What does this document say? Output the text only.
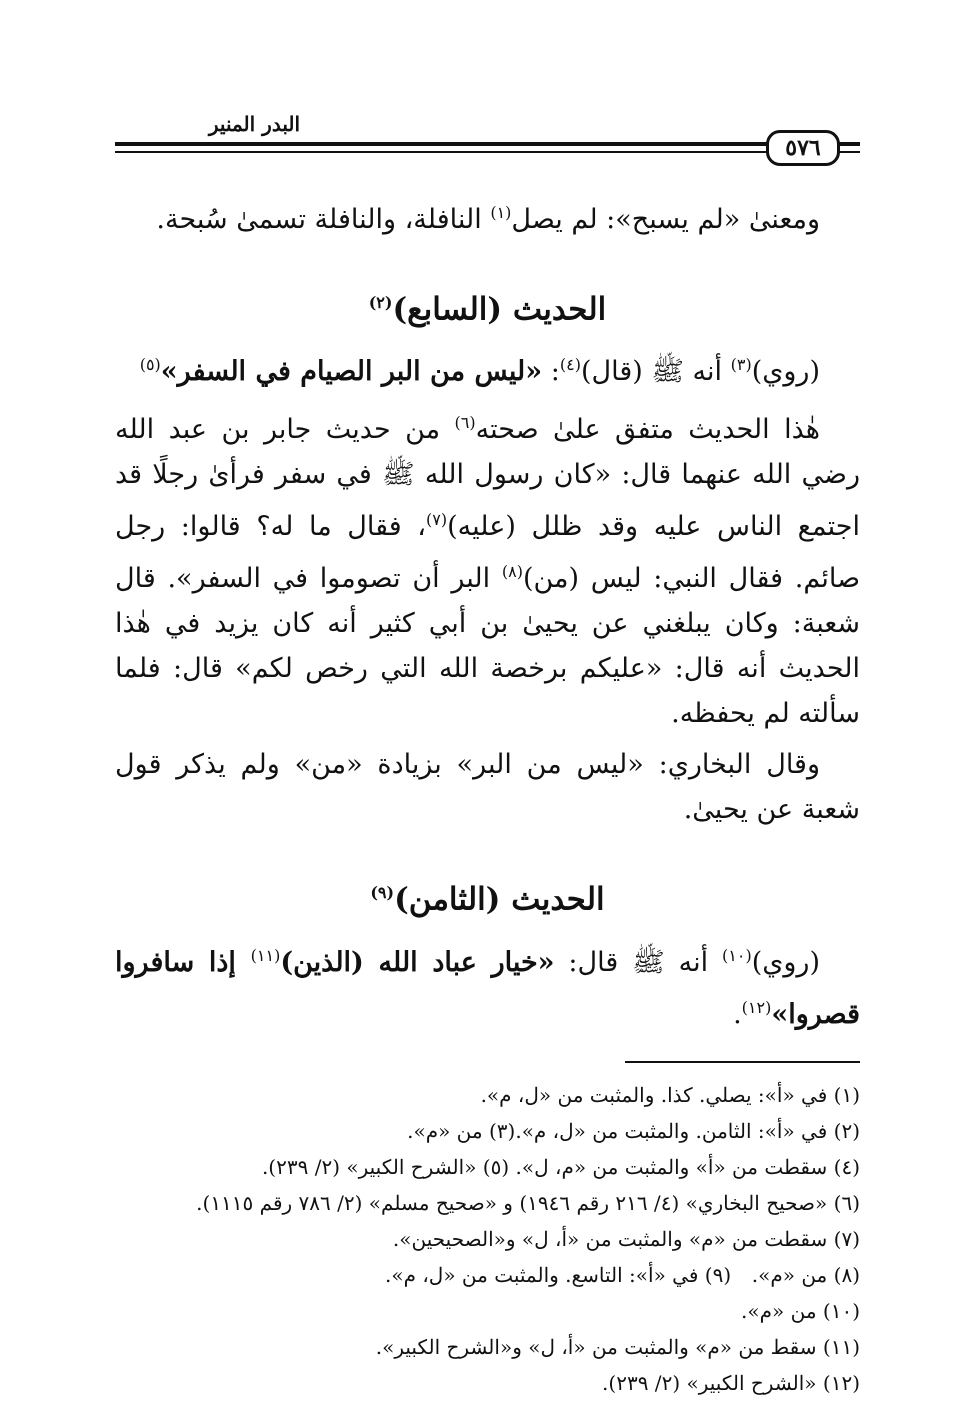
البدر المنير
٥٧٦

ومعنىٰ «لم يسبح»: لم يصل$^{(١)}$ النافلة، والنافلة تسمىٰ سُبحة.

الحديث (السابع)$^{(٢)}$

(روي)$^{(٣)}$ أنه ﷺ (قال)$^{(٤)}$: «ليس من البر الصيام في السفر»$^{(٥)}$

هٰذا الحديث متفق علىٰ صحته$^{(٦)}$ من حديث جابر بن عبد الله رضي الله عنهما قال: «كان رسول الله ﷺ في سفر فرأىٰ رجلًا قد اجتمع الناس عليه وقد ظلل (عليه)$^{(٧)}$، فقال ما له؟ قالوا: رجل صائم. فقال النبي: ليس (من)$^{(٨)}$ البر أن تصوموا في السفر». قال شعبة: وكان يبلغني عن يحيىٰ بن أبي كثير أنه كان يزيد في هٰذا الحديث أنه قال: «عليكم برخصة الله التي رخص لكم» قال: فلما سألته لم يحفظه.

وقال البخاري: «ليس من البر» بزيادة «من» ولم يذكر قول شعبة عن يحيىٰ.

الحديث (الثامن)$^{(٩)}$

(روي)$^{(١٠)}$ أنه ﷺ قال: «خيار عباد الله (الذين)$^{(١١)}$ إذا سافروا قصروا»$^{(١٢)}$.

(١) في «أ»: يصلي. كذا. والمثبت من «ل، م».
(٢) في «أ»: الثامن. والمثبت من «ل، م».(٣) من «م».
(٤) سقطت من «أ» والمثبت من «م، ل». (٥) «الشرح الكبير» (٢/ ٢٣٩).
(٦) «صحيح البخاري» (٤/ ٢١٦ رقم ١٩٤٦) و «صحيح مسلم» (٢/ ٧٨٦ رقم ١١١٥).
(٧) سقطت من «م» والمثبت من «أ، ل» و«الصحيحين».
(٨) من «م».
(٩) في «أ»: التاسع. والمثبت من «ل، م».
(١٠) من «م».
(١١) سقط من «م» والمثبت من «أ، ل» و«الشرح الكبير».
(١٢) «الشرح الكبير» (٢/ ٢٣٩).
